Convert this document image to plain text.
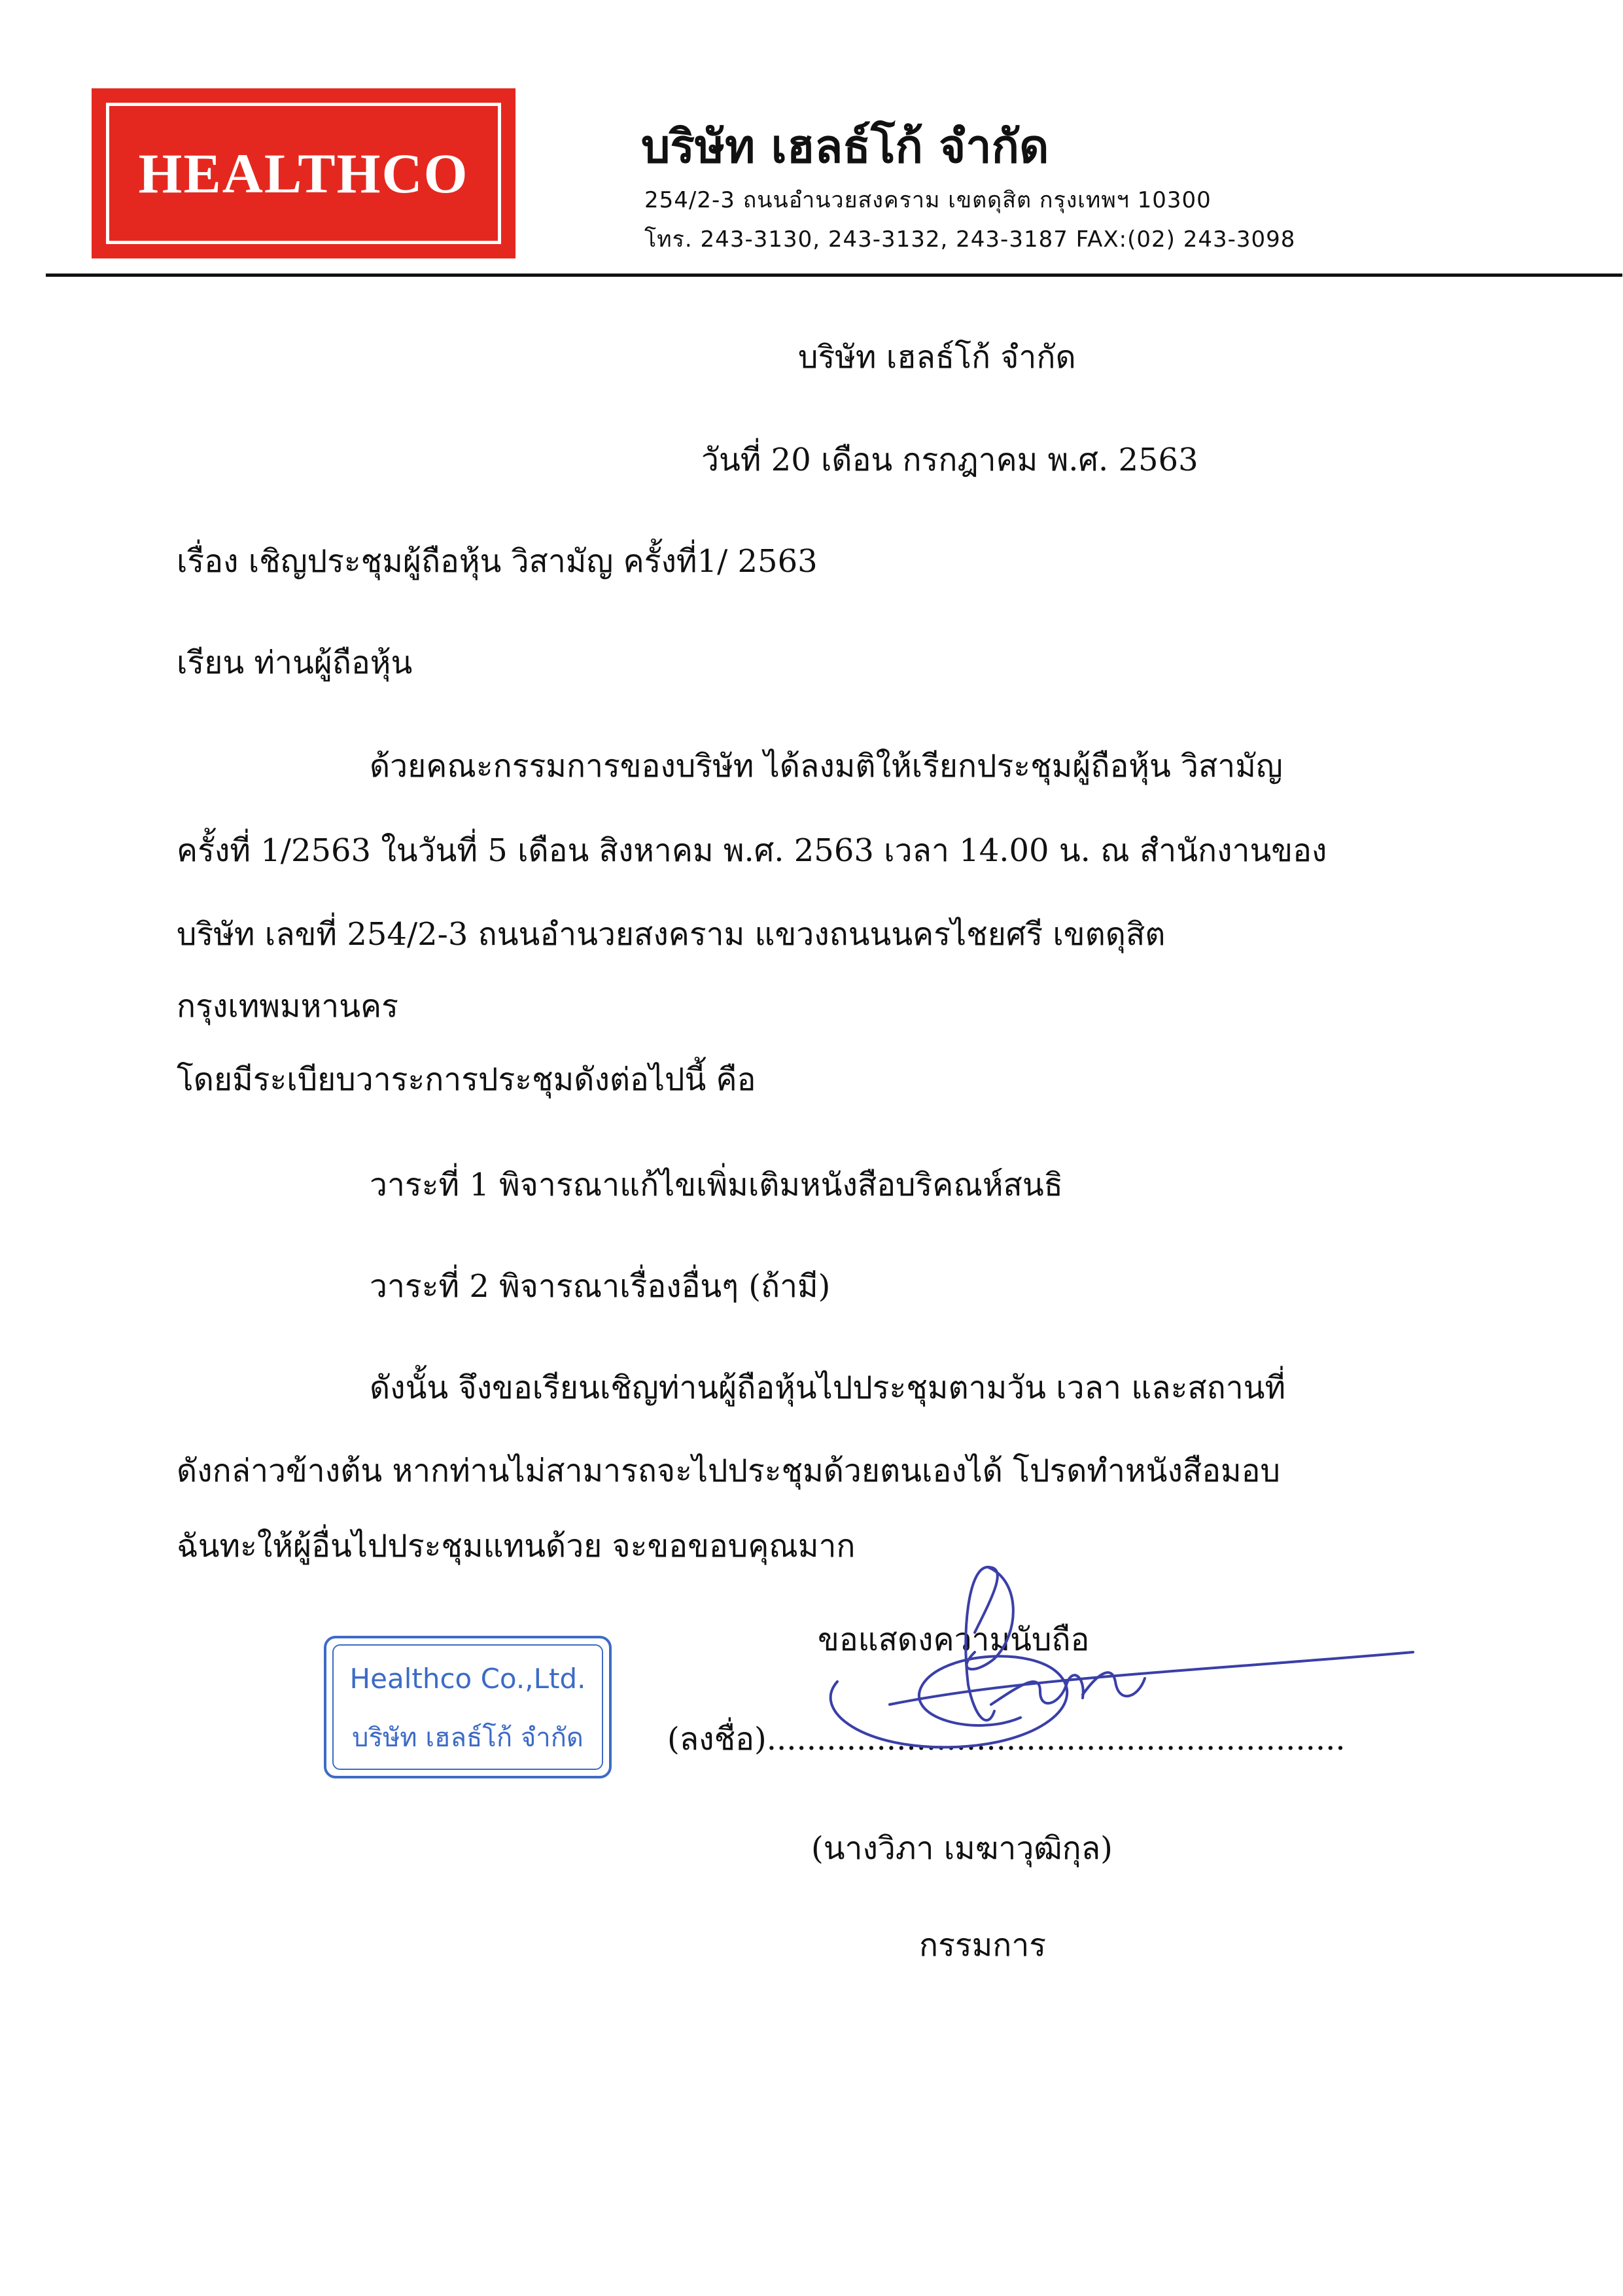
HEALTHCO	บริษัท เฮลธ์โก้ จำกัด
254/2-3 ถนนอำนวยสงคราม เขตดุสิต กรุงเทพฯ 10300
โทร. 243-3130, 243-3132, 243-3187 FAX:(02) 243-3098
บริษัท เฮลธ์โก้ จำกัด
วันที่ 20 เดือน กรกฎาคม พ.ศ. 2563
เรื่อง เชิญประชุมผู้ถือหุ้น วิสามัญ ครั้งที่1/ 2563
เรียน ท่านผู้ถือหุ้น
ด้วยคณะกรรมการของบริษัท ได้ลงมติให้เรียกประชุมผู้ถือหุ้น วิสามัญ
ครั้งที่ 1/2563 ในวันที่ 5 เดือน สิงหาคม พ.ศ. 2563 เวลา 14.00 น. ณ สำนักงานของ
บริษัท เลขที่ 254/2-3 ถนนอำนวยสงคราม แขวงถนนนครไชยศรี เขตดุสิต
กรุงเทพมหานคร
โดยมีระเบียบวาระการประชุมดังต่อไปนี้ คือ
วาระที่ 1 พิจารณาแก้ไขเพิ่มเติมหนังสือบริคณห์สนธิ
วาระที่ 2 พิจารณาเรื่องอื่นๆ (ถ้ามี)
ดังนั้น จึงขอเรียนเชิญท่านผู้ถือหุ้นไปประชุมตามวัน เวลา และสถานที่
ดังกล่าวข้างต้น หากท่านไม่สามารถจะไปประชุมด้วยตนเองได้ โปรดทำหนังสือมอบ
ฉันทะให้ผู้อื่นไปประชุมแทนด้วย จะขอขอบคุณมาก
ขอแสดงความนับถือ
(ลงชื่อ)..........................................................
(นางวิภา เมฆาวุฒิกุล)
กรรมการ
Healthco Co.,Ltd.
บริษัท เฮลธ์โก้ จำกัด
